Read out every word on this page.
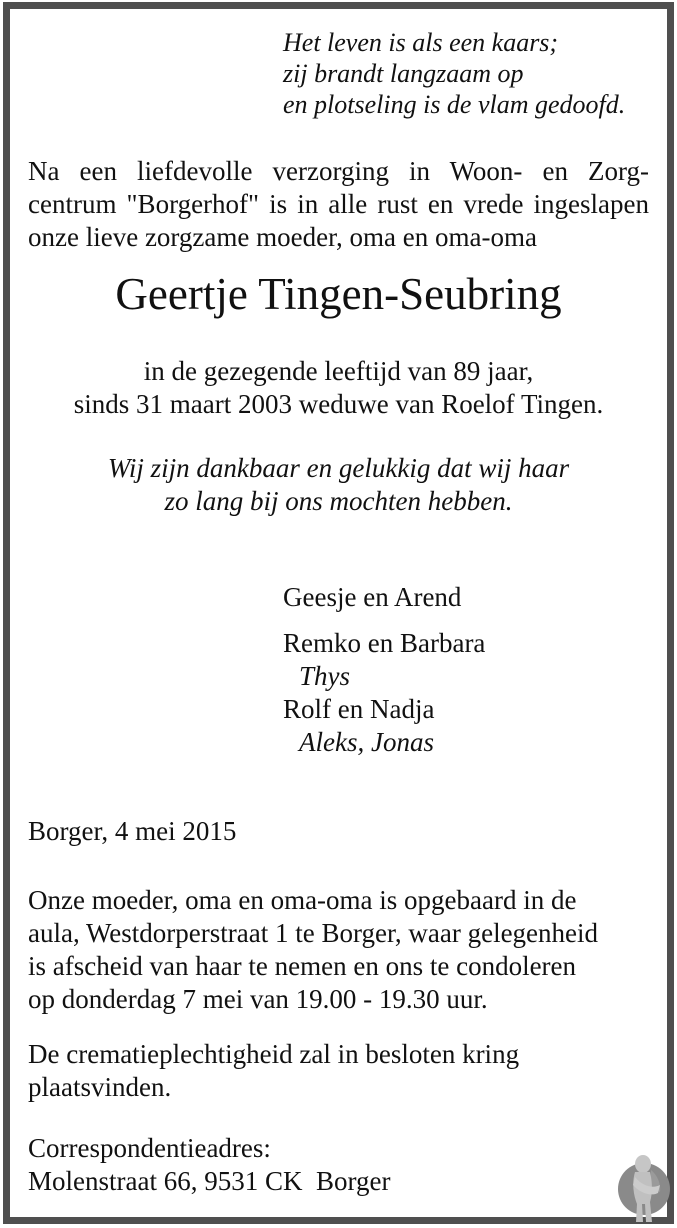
Het leven is als een kaars;
zij brandt langzaam op
en plotseling is de vlam gedoofd.
Na een liefdevolle verzorging in Woon- en Zorg-
centrum "Borgerhof" is in alle rust en vrede ingeslapen
onze lieve zorgzame moeder, oma en oma-oma
Geertje Tingen-Seubring
in de gezegende leeftijd van 89 jaar,
sinds 31 maart 2003 weduwe van Roelof Tingen.
Wij zijn dankbaar en gelukkig dat wij haar
zo lang bij ons mochten hebben.
Geesje en Arend
Remko en Barbara
Thys
Rolf en Nadja
Aleks, Jonas
Borger, 4 mei 2015
Onze moeder, oma en oma-oma is opgebaard in de
aula, Westdorperstraat 1 te Borger, waar gelegenheid
is afscheid van haar te nemen en ons te condoleren
op donderdag 7 mei van 19.00 - 19.30 uur.
De crematieplechtigheid zal in besloten kring
plaatsvinden.
Correspondentieadres:
Molenstraat 66, 9531 CK  Borger
